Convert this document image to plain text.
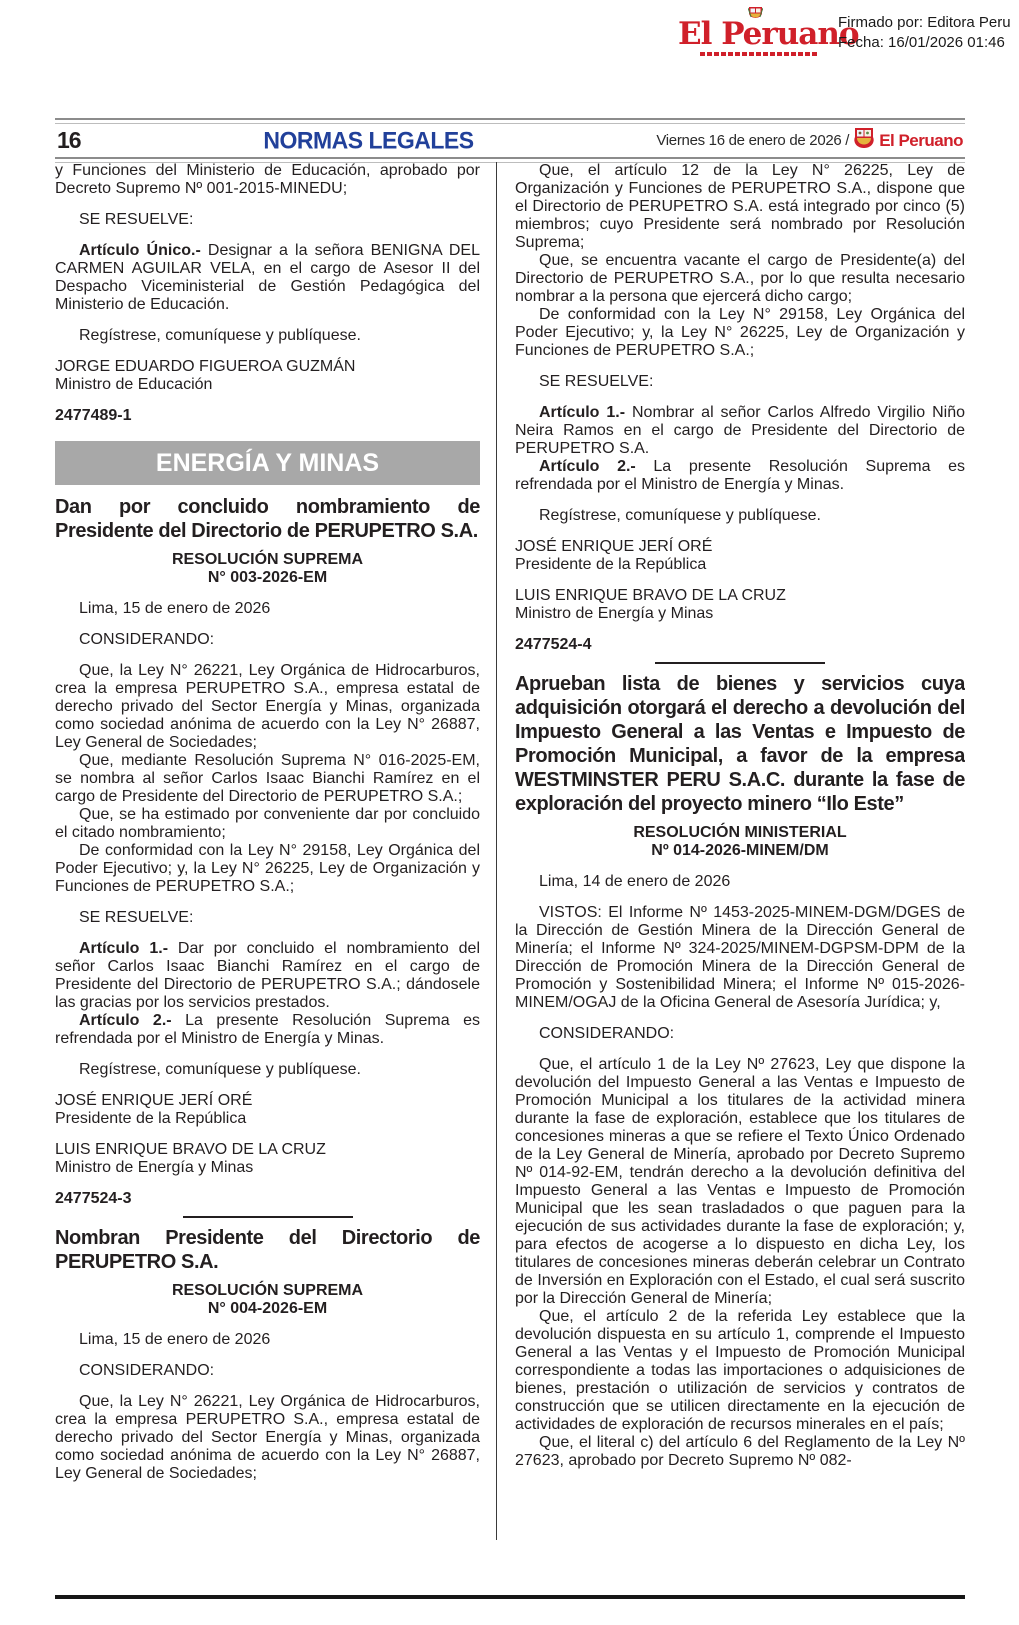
El Peruano
Firmado por: Editora Peru
Fecha: 16/01/2026 01:46
16	NORMAS LEGALES	Viernes 16 de enero de 2026 / El Peruano

y Funciones del Ministerio de Educación, aprobado por Decreto Supremo Nº 001-2015-MINEDU;

SE RESUELVE:

Artículo Único.- Designar a la señora BENIGNA DEL CARMEN AGUILAR VELA, en el cargo de Asesor II del Despacho Viceministerial de Gestión Pedagógica del Ministerio de Educación.

Regístrese, comuníquese y publíquese.

JORGE EDUARDO FIGUEROA GUZMÁN

Ministro de Educación

2477489-1

ENERGÍA Y MINAS
Dan por concluido nombramiento de Presidente del Directorio de PERUPETRO S.A.

RESOLUCIÓN SUPREMA

N° 003-2026-EM

Lima, 15 de enero de 2026

CONSIDERANDO:

Que, la Ley N° 26221, Ley Orgánica de Hidrocarburos, crea la empresa PERUPETRO S.A., empresa estatal de derecho privado del Sector Energía y Minas, organizada como sociedad anónima de acuerdo con la Ley N° 26887, Ley General de Sociedades;

Que, mediante Resolución Suprema N° 016-2025-EM, se nombra al señor Carlos Isaac Bianchi Ramírez en el cargo de Presidente del Directorio de PERUPETRO S.A.;

Que, se ha estimado por conveniente dar por concluido el citado nombramiento;

De conformidad con la Ley N° 29158, Ley Orgánica del Poder Ejecutivo; y, la Ley N° 26225, Ley de Organización y Funciones de PERUPETRO S.A.;

SE RESUELVE:

Artículo 1.- Dar por concluido el nombramiento del señor Carlos Isaac Bianchi Ramírez en el cargo de Presidente del Directorio de PERUPETRO S.A.; dándosele las gracias por los servicios prestados.

Artículo 2.- La presente Resolución Suprema es refrendada por el Ministro de Energía y Minas.

Regístrese, comuníquese y publíquese.

JOSÉ ENRIQUE JERÍ ORÉ

Presidente de la República

LUIS ENRIQUE BRAVO DE LA CRUZ

Ministro de Energía y Minas

2477524-3

Nombran Presidente del Directorio de PERUPETRO S.A.

RESOLUCIÓN SUPREMA

N° 004-2026-EM

Lima, 15 de enero de 2026

CONSIDERANDO:

Que, la Ley N° 26221, Ley Orgánica de Hidrocarburos, crea la empresa PERUPETRO S.A., empresa estatal de derecho privado del Sector Energía y Minas, organizada como sociedad anónima de acuerdo con la Ley N° 26887, Ley General de Sociedades;

Que, el artículo 12 de la Ley N° 26225, Ley de Organización y Funciones de PERUPETRO S.A., dispone que el Directorio de PERUPETRO S.A. está integrado por cinco (5) miembros; cuyo Presidente será nombrado por Resolución Suprema;

Que, se encuentra vacante el cargo de Presidente(a) del Directorio de PERUPETRO S.A., por lo que resulta necesario nombrar a la persona que ejercerá dicho cargo;

De conformidad con la Ley N° 29158, Ley Orgánica del Poder Ejecutivo; y, la Ley N° 26225, Ley de Organización y Funciones de PERUPETRO S.A.;

SE RESUELVE:

Artículo 1.- Nombrar al señor Carlos Alfredo Virgilio Niño Neira Ramos en el cargo de Presidente del Directorio de PERUPETRO S.A.

Artículo 2.- La presente Resolución Suprema es refrendada por el Ministro de Energía y Minas.

Regístrese, comuníquese y publíquese.

JOSÉ ENRIQUE JERÍ ORÉ

Presidente de la República

LUIS ENRIQUE BRAVO DE LA CRUZ

Ministro de Energía y Minas

2477524-4

Aprueban lista de bienes y servicios cuya adquisición otorgará el derecho a devolución del Impuesto General a las Ventas e Impuesto de Promoción Municipal, a favor de la empresa WESTMINSTER PERU S.A.C. durante la fase de exploración del proyecto minero “Ilo Este”

RESOLUCIÓN MINISTERIAL

Nº 014-2026-MINEM/DM

Lima, 14 de enero de 2026

VISTOS: El Informe Nº 1453-2025-MINEM-DGM/DGES de la Dirección de Gestión Minera de la Dirección General de Minería; el Informe Nº 324-2025/MINEM-DGPSM-DPM de la Dirección de Promoción Minera de la Dirección General de Promoción y Sostenibilidad Minera; el Informe Nº 015-2026-MINEM/OGAJ de la Oficina General de Asesoría Jurídica; y,

CONSIDERANDO:

Que, el artículo 1 de la Ley Nº 27623, Ley que dispone la devolución del Impuesto General a las Ventas e Impuesto de Promoción Municipal a los titulares de la actividad minera durante la fase de exploración, establece que los titulares de concesiones mineras a que se refiere el Texto Único Ordenado de la Ley General de Minería, aprobado por Decreto Supremo Nº 014-92-EM, tendrán derecho a la devolución definitiva del Impuesto General a las Ventas e Impuesto de Promoción Municipal que les sean trasladados o que paguen para la ejecución de sus actividades durante la fase de exploración; y, para efectos de acogerse a lo dispuesto en dicha Ley, los titulares de concesiones mineras deberán celebrar un Contrato de Inversión en Exploración con el Estado, el cual será suscrito por la Dirección General de Minería;

Que, el artículo 2 de la referida Ley establece que la devolución dispuesta en su artículo 1, comprende el Impuesto General a las Ventas y el Impuesto de Promoción Municipal correspondiente a todas las importaciones o adquisiciones de bienes, prestación o utilización de servicios y contratos de construcción que se utilicen directamente en la ejecución de actividades de exploración de recursos minerales en el país;

Que, el literal c) del artículo 6 del Reglamento de la Ley Nº 27623, aprobado por Decreto Supremo Nº 082-
